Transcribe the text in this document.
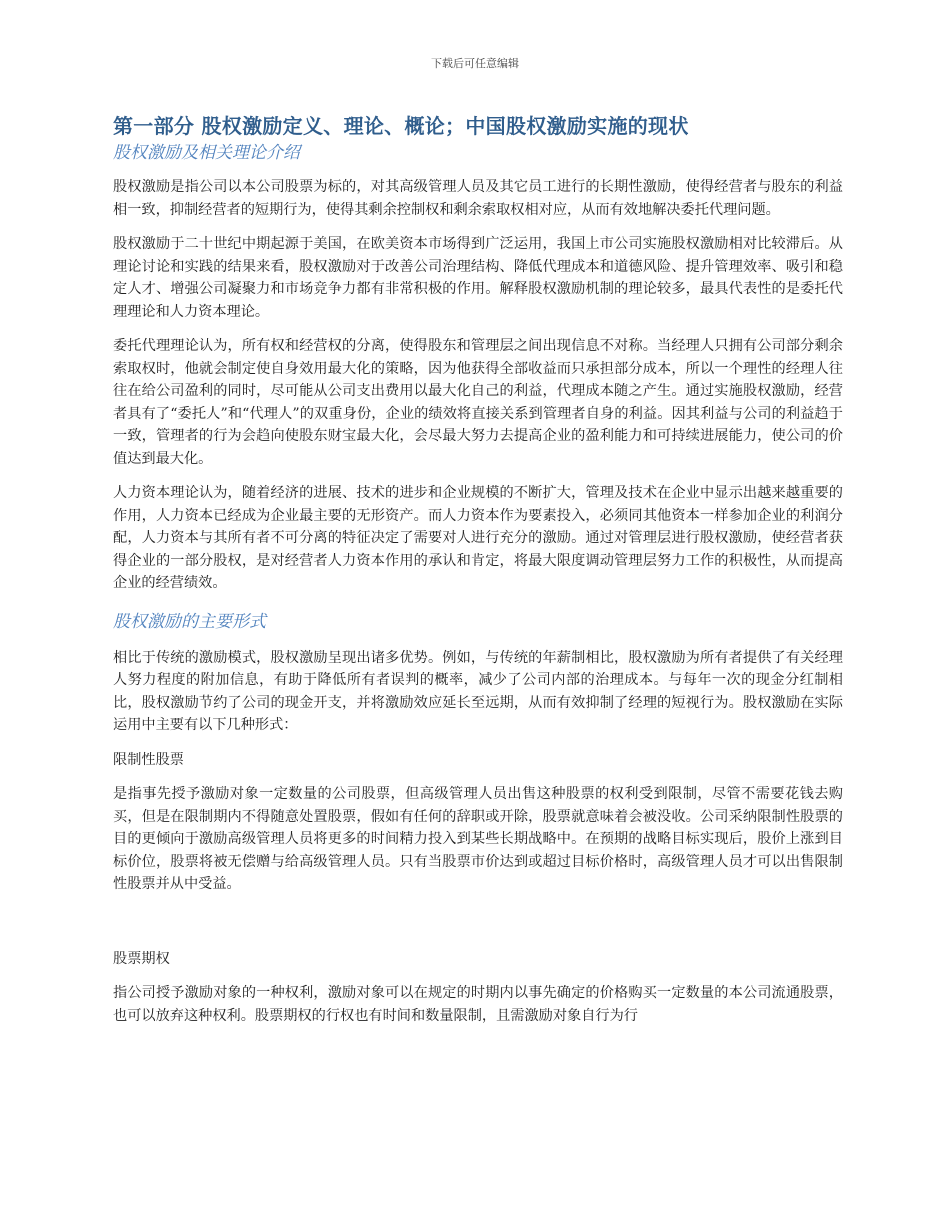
下载后可任意编辑
第一部分 股权激励定义、理论、概论；中国股权激励实施的现状
股权激励及相关理论介绍

股权激励是指公司以本公司股票为标的，对其高级管理人员及其它员工进行的长期性激励，使得经营者与股东的利益相一致，抑制经营者的短期行为，使得其剩余控制权和剩余索取权相对应，从而有效地解决委托代理问题。

股权激励于二十世纪中期起源于美国，在欧美资本市场得到广泛运用，我国上市公司实施股权激励相对比较滞后。从理论讨论和实践的结果来看，股权激励对于改善公司治理结构、降低代理成本和道德风险、提升管理效率、吸引和稳定人才、增强公司凝聚力和市场竞争力都有非常积极的作用。解释股权激励机制的理论较多，最具代表性的是委托代理理论和人力资本理论。

委托代理理论认为，所有权和经营权的分离，使得股东和管理层之间出现信息不对称。当经理人只拥有公司部分剩余索取权时，他就会制定使自身效用最大化的策略，因为他获得全部收益而只承担部分成本，所以一个理性的经理人往往在给公司盈利的同时，尽可能从公司支出费用以最大化自己的利益，代理成本随之产生。通过实施股权激励，经营者具有了“委托人”和“代理人”的双重身份，企业的绩效将直接关系到管理者自身的利益。因其利益与公司的利益趋于一致，管理者的行为会趋向使股东财宝最大化，会尽最大努力去提高企业的盈利能力和可持续进展能力，使公司的价值达到最大化。

人力资本理论认为，随着经济的进展、技术的进步和企业规模的不断扩大，管理及技术在企业中显示出越来越重要的作用，人力资本已经成为企业最主要的无形资产。而人力资本作为要素投入，必须同其他资本一样参加企业的利润分配，人力资本与其所有者不可分离的特征决定了需要对人进行充分的激励。通过对管理层进行股权激励，使经营者获得企业的一部分股权，是对经营者人力资本作用的承认和肯定，将最大限度调动管理层努力工作的积极性，从而提高企业的经营绩效。

股权激励的主要形式

相比于传统的激励模式，股权激励呈现出诸多优势。例如，与传统的年薪制相比，股权激励为所有者提供了有关经理人努力程度的附加信息，有助于降低所有者误判的概率，减少了公司内部的治理成本。与每年一次的现金分红制相比，股权激励节约了公司的现金开支，并将激励效应延长至远期，从而有效抑制了经理的短视行为。股权激励在实际运用中主要有以下几种形式：

限制性股票

是指事先授予激励对象一定数量的公司股票，但高级管理人员出售这种股票的权利受到限制，尽管不需要花钱去购买，但是在限制期内不得随意处置股票，假如有任何的辞职或开除，股票就意味着会被没收。公司采纳限制性股票的目的更倾向于激励高级管理人员将更多的时间精力投入到某些长期战略中。在预期的战略目标实现后，股价上涨到目标价位，股票将被无偿赠与给高级管理人员。只有当股票市价达到或超过目标价格时，高级管理人员才可以出售限制性股票并从中受益。

股票期权

指公司授予激励对象的一种权利，激励对象可以在规定的时期内以事先确定的价格购买一定数量的本公司流通股票，也可以放弃这种权利。股票期权的行权也有时间和数量限制，且需激励对象自行为行
